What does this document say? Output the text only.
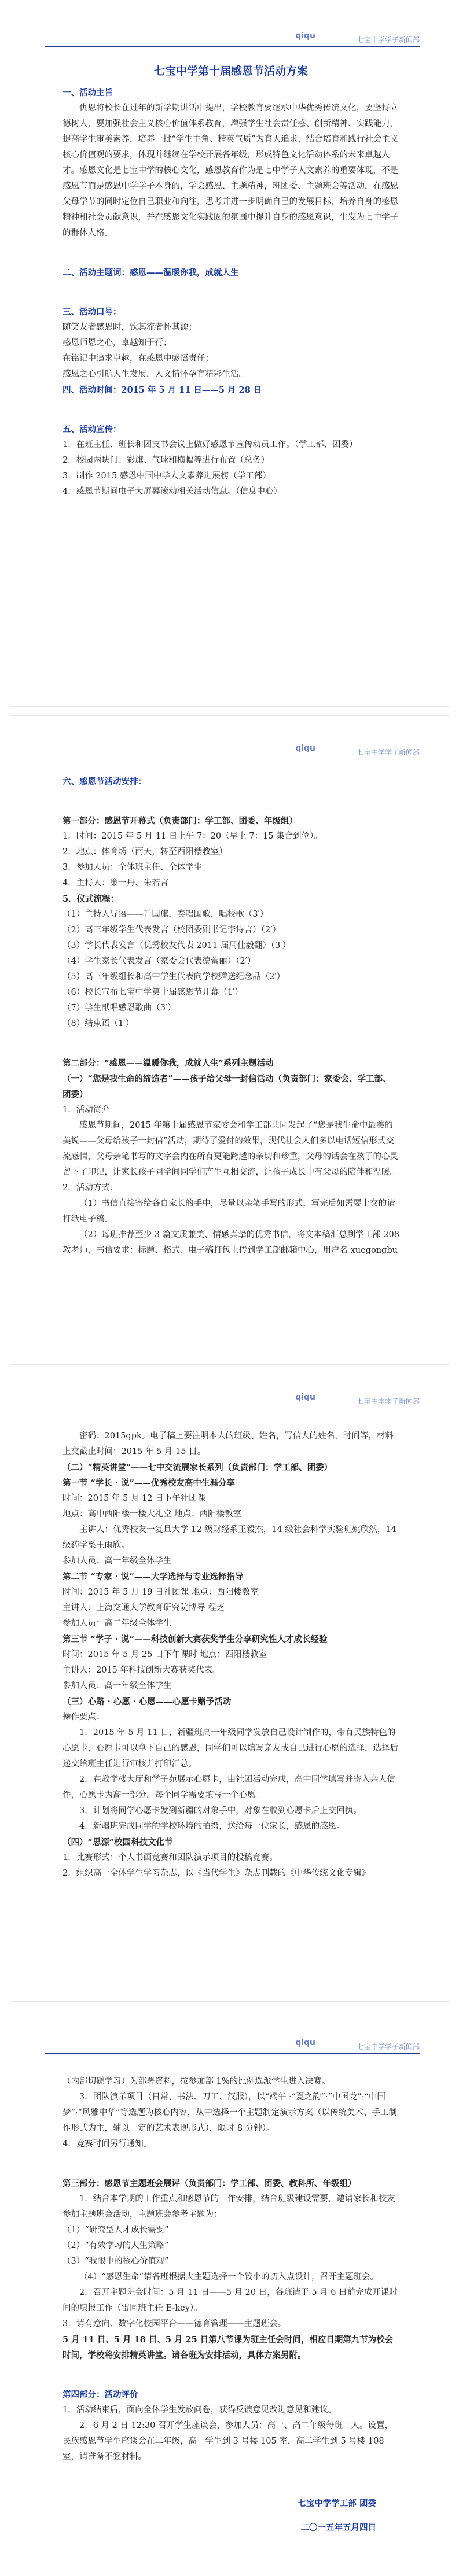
qiqu	七宝中学学子新闻部
七宝中学第十届感恩节活动方案

一、活动主旨

仇恩将校长在过年的新学期讲话中提出，学校教育要继承中华优秀传统文化，要坚持立德树人，要加强社会主义核心价值体系教育，增强学生社会责任感、创新精神、实践能力，提高学生审美素养，培养一批“学生主角、精英气质”为育人追求，结合培育和践行社会主义核心价值观的要求，体现并继续在学校开展各年级，形成特色文化活动体系的未来卓越人才。感恩文化是七宝中学的核心文化，感恩教育作为是七中学子人文素养的重要体现，不是感恩节而是感恩中学学子本身的，学会感恩、主题精神，班团委、主题班会等活动，在感恩父母学节的同时定位自己职业和向往，思考并进一步明确自己的发展目标，培养自身的感恩精神和社会贡献意识，并在感恩文化实践圈的氛围中提升自身的感恩意识，生发为七中学子的群体人格。

二、活动主题词：感恩——温暖你我，成就人生

三、活动口号：

随笑友者感恩时，饮其流者怀其源；

感恩师恩之心，卓越知于行；

在铭记中追求卓越，在感恩中感悟责任；

感恩之心引航人生发展，人文情怀孕育精彩生活。

四、活动时间：2015 年 5 月 11 日——5 月 28 日

五、活动宣传：

1．在班主任、班长和团支书会议上做好感恩节宣传动员工作。（学工部、团委）

2．校园两块门、彩旗、气球和横幅等进行布置（总务）

3．制作 2015 感恩中国中学人文素养进展榜（学工部）

4．感恩节期间电子大屏幕滚动相关活动信息。（信息中心）

qiqu	七宝中学学子新闻部

六、感恩节活动安排：

第一部分：感恩节开幕式（负责部门：学工部、团委、年级组）

1．时间：2015 年 5 月 11 日上午 7：20（早上 7：15 集合到位）。

2．地点：体育场（雨天，转至西阳楼教室）

3．参加人员：全体班主任、全体学生

4．主持人：巢一丹、朱若言

5．仪式流程：

（1）主持人导语——升国旗，奏唱国歌，唱校歌（3′）

（2）高三年级学生代表发言（校团委副书记李诗言）（2′）

（3）学长代表发言（优秀校友代表 2011 届周佳毅翻）（3′）

（4）学生家长代表发言（家委会代表德蕾丽）（2′）

（5）高三年级组长和高中学生代表向学校赠送纪念品（2′）

（6）校长宣布七宝中学第十届感恩节开幕（1′）

（7）学生献唱感恩歌曲（3′）

（8）结束语（1′）

第二部分：“感恩——温暖你我，成就人生”系列主题活动

（一）“您是我生命的缔造者”——孩子给父母一封信活动（负责部门：家委会、学工部、团委）

1．活动简介

感恩节期间，2015 年第十届感恩节家委会和学工部共同发起了“您是我生命中最美的美说——父母给孩子一封信”活动，期待了爱付的效果，现代社会人们多以电话短信形式交流感情，父母亲笔书写的文字会内在所有更能跨越的亲切和珍重，父母的话会在孩子的心灵留下了印记，让家长孩子同学间同学们产生互相交流，让孩子成长中有父母的陪伴和温暖。

2．活动方式：

（1）书信直接寄给各自家长的手中，尽量以亲笔手写的形式，写完后如需要上交的请打纸电子稿。

（2）每班推荐至少 3 篇文质兼美、情感真挚的优秀书信，将文本稿汇总到学工部 208 教老师，书信要求：标题、格式、电子稿打包上传到学工部邮箱中心，用户名 xuegongbu

qiqu	七宝中学学子新闻部

密码：2015gpk。电子稿上要注明本人的班级、姓名，写信人的姓名，时间等，材料上交截止时间：2015 年 5 月 15 日。

（二）“精英讲堂”——七中交流展家长系列（负责部门：学工部、团委）

第一节 “学长 · 说”——优秀校友高中生涯分享

时间：2015 年 5 月 12 日下午社团课

地点：高中西阳楼一楼大礼堂 地点：西阳楼教室

主讲人：优秀校友一复旦大学 12 级财经系王毅杰，14 级社会科学实验班姚欣然，14 级药学系王雨欣。

参加人员：高一年级全体学生

第二节 “专家 · 说”——大学选择与专业选择指导

时间：2015 年 5 月 19 日社团课 地点：西阳楼教室

主讲人：上海交通大学教育研究院博导 程芝

参加人员：高二年级全体学生

第三节 “学子 · 说”——科技创新大赛获奖学生分享研究性人才成长经验

时间：2015 年 5 月 25 日下午课时 地点：西阳楼教室

主讲人：2015 年科技创新大赛获奖代表。

参加人员：高一年级全体学生

（三）心路 · 心愿 · 心愿——心愿卡赠予活动

操作要点：

1．2015 年 5 月 11 日，新疆班高一年级同学发放自己设计制作的，带有民族特色的心愿卡，心愿卡可以拿下自己的感恩，同学们可以填写亲友或自己进行心愿的选择，选择后递交给班主任进行审核并打印汇总。

2．在教学楼大厅和学子苑展示心愿卡，由社团活动完成，高中同学填写并寄入亲人信件，心愿卡为高一部分，每个同学需要填写一个心愿。

3．计划将同学心愿卡发到新疆的对象手中，对象在收到心愿卡后上交回执。

4．新疆班完成同学的学校环境的拍摄，送给每一位家长，感恩的感恩。

（四）“思源”校园科技文化节

1．比赛形式：个人书画竞赛和团队演示项目的投稿竞赛。

2．组织高一全体学生学习杂志，以《当代学生》杂志刊载的《中华传统文化专辑》

qiqu	七宝中学学子新闻部

（内部切磋学习）为部署资料，按参加部 1%的比例选派学生进入决赛。

3．团队演示项目（日常、书法、刀工、汉服），以“端午 ·“夏之韵”·“中国龙”·“中国梦”·“风雅中华”等选题为核心内容，从中选择一个主题制定演示方案（以传统美术、手工制作形式为主，辅以一定的艺术表现形式），限时 8 分钟）。

4．竞赛时间另行通知。

第三部分：感恩节主题班会展评（负责部门：学工部、团委、教科所、年级组）

1．结合本学期的工作重点和感恩节的工作安排，结合班级建设需要，邀请家长和校友参加主题班会活动，主题班会参考主题为：

（1）“研究型人才成长需要”

（2）“有效学习的人生策略”

（3）“我眼中的核心价值观”

（4）“感恩生命”请各班根据大主题选择一个较小的切入点设计，召开主题班会。

2．召开主题班会时间：5 月 11 日——5 月 20 日，各班请于 5 月 6 日前完成开课时间的填报工作（雷同班主任 E-key）。

3．请有意向、数字化校园平台——德育管理——主题班会。

5 月 11 日、5 月 18 日、5 月 25 日第八节课为班主任会时间，相应日期第九节为校会时间，学校将安排精英讲堂。请各班为安排活动，具体方案另附。

第四部分：活动评价

1．活动结束后，面向全体学生发放问卷，获得反馈意见改进意见和建议。

2．6 月 2 日 12:30 召开学生座谈会，参加人员：高一、高二年级每班一人。设置，民族感恩节学生座谈会在二年级，高一学生到 3 号楼 105 室，高二学生到 5 号楼 108 室，请准备不签材料。

七宝中学学工部 团委

二〇一五年五月四日
